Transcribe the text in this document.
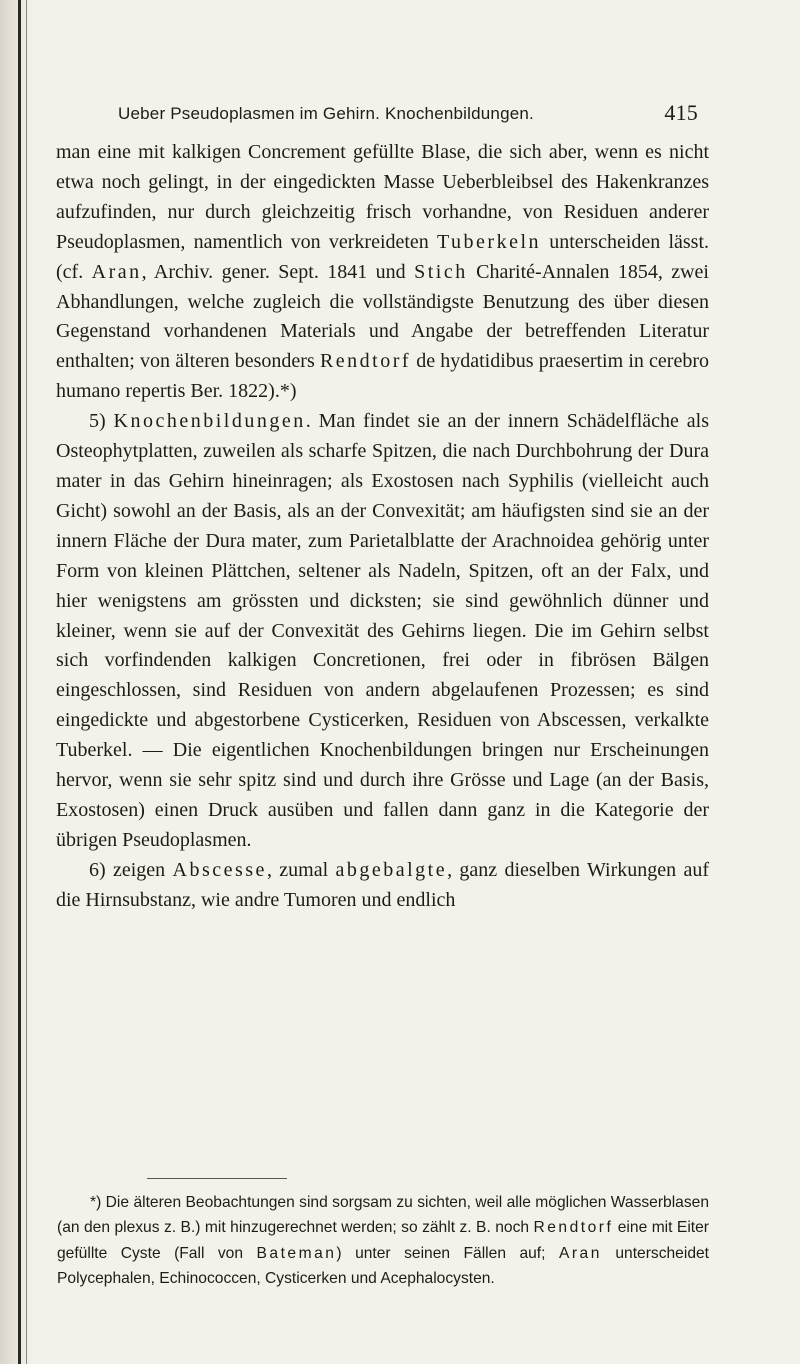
Ueber Pseudoplasmen im Gehirn. Knochenbildungen.	415

man eine mit kalkigen Concrement gefüllte Blase, die sich aber, wenn es nicht etwa noch gelingt, in der eingedickten Masse Ueberbleibsel des Hakenkranzes aufzufinden, nur durch gleichzeitig frisch vorhandne, von Residuen anderer Pseudoplasmen, namentlich von verkreideten Tuberkeln unterscheiden lässt. (cf. Aran, Archiv. gener. Sept. 1841 und Stich Charité-Annalen 1854, zwei Abhandlungen, welche zugleich die vollständigste Benutzung des über diesen Gegenstand vorhandenen Materials und Angabe der betreffenden Literatur enthalten; von älteren besonders Rendtorf de hydatidibus praesertim in cerebro humano repertis Ber. 1822).*)

5) Knochenbildungen. Man findet sie an der innern Schädelfläche als Osteophytplatten, zuweilen als scharfe Spitzen, die nach Durchbohrung der Dura mater in das Gehirn hineinragen; als Exostosen nach Syphilis (vielleicht auch Gicht) sowohl an der Basis, als an der Convexität; am häufigsten sind sie an der innern Fläche der Dura mater, zum Parietalblatte der Arachnoidea gehörig unter Form von kleinen Plättchen, seltener als Nadeln, Spitzen, oft an der Falx, und hier wenigstens am grössten und dicksten; sie sind gewöhnlich dünner und kleiner, wenn sie auf der Convexität des Gehirns liegen. Die im Gehirn selbst sich vorfindenden kalkigen Concretionen, frei oder in fibrösen Bälgen eingeschlossen, sind Residuen von andern abgelaufenen Prozessen; es sind eingedickte und abgestorbene Cysticerken, Residuen von Abscessen, verkalkte Tuberkel. — Die eigentlichen Knochenbildungen bringen nur Erscheinungen hervor, wenn sie sehr spitz sind und durch ihre Grösse und Lage (an der Basis, Exostosen) einen Druck ausüben und fallen dann ganz in die Kategorie der übrigen Pseudoplasmen.

6) zeigen Abscesse, zumal abgebalgte, ganz dieselben Wirkungen auf die Hirnsubstanz, wie andre Tumoren und endlich

*) Die älteren Beobachtungen sind sorgsam zu sichten, weil alle möglichen Wasserblasen (an den plexus z. B.) mit hinzugerechnet werden; so zählt z. B. noch Rendtorf eine mit Eiter gefüllte Cyste (Fall von Bateman) unter seinen Fällen auf; Aran unterscheidet Polycephalen, Echinococcen, Cysticerken und Acephalocysten.
